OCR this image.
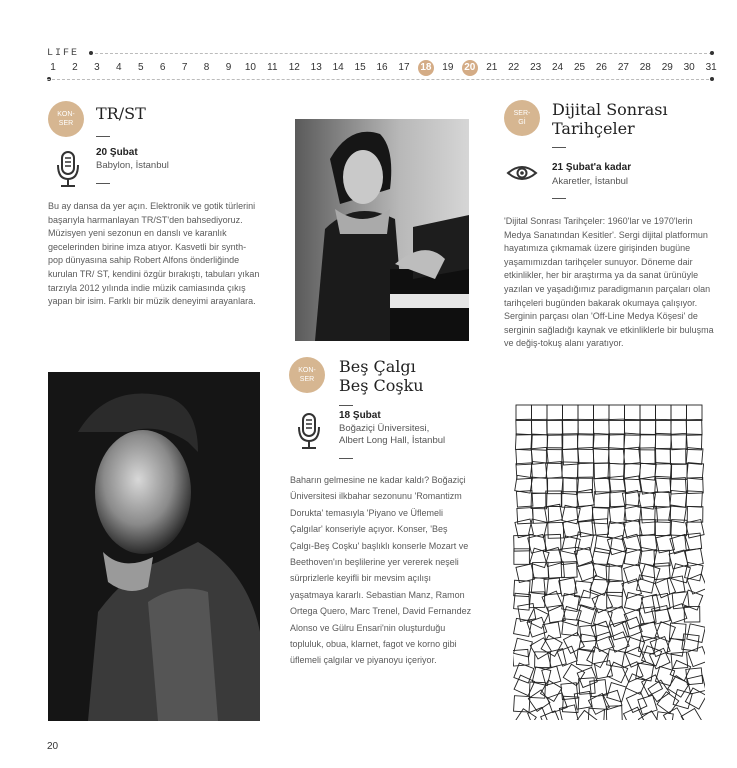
LIFE
1	2	3	4	5	6	7	8	9	10	11	12	13	14	15	16	17	18	19	20	21	22	23	24	25	26	27	28	29	30	31
KON-
SER
TR/ST
20 Şubat
Babylon, İstanbul
Bu ay dansa da yer açın. Elektronik ve gotik türlerini başarıyla harmanlayan TR/ST'den bahsediyoruz. Müzisyen yeni sezonun en danslı ve karanlık gecelerinden birine imza atıyor. Kasvetli bir synth-pop dünyasına sahip Robert Alfons önderliğinde kurulan TR/ ST, kendini özgür bırakıştı, tabuları yıkan tarzıyla 2012 yılında indie müzik camiasında çıkış yapan bir isim. Farklı bir müzik deneyimi arayanlara.
KON-
SER
Beş Çalgı
Beş Coşku
18 Şubat
Boğaziçi Üniversitesi,
Albert Long Hall, İstanbul
Baharın gelmesine ne kadar kaldı? Boğaziçi Üniversitesi ilkbahar sezonunu 'Romantizm Dorukta' temasıyla 'Piyano ve Üflemeli Çalgılar' konseriyle açıyor. Konser, 'Beş Çalgı-Beş Coşku' başlıklı konserle Mozart ve Beethoven'ın beşlilerine yer vererek neşeli sürprizlerle keyifli bir mevsim açılışı yaşatmaya kararlı. Sebastian Manz, Ramon Ortega Quero, Marc Trenel, David Fernandez Alonso ve Gülru Ensari'nin oluşturduğu topluluk, obua, klarnet, fagot ve korno gibi üflemeli çalgılar ve piyanoyu içeriyor.
SER-
Gİ
Dijital Sonrası
Tarihçeler
21 Şubat'a kadar
Akaretler, İstanbul
'Dijital Sonrası Tarihçeler: 1960'lar ve 1970'lerin Medya Sanatından Kesitler'. Sergi dijital platformun hayatımıza çıkmamak üzere girişinden bugüne yaşamımızdan tarihçeler sunuyor. Döneme dair etkinlikler, her bir araştırma ya da sanat ürünüyle yazılan ve yaşadığımız paradigmanın parçaları olan tarihçeleri bugünden bakarak okumaya çalışıyor. Serginin parçası olan 'Off-Line Medya Köşesi' de serginin sağladığı kaynak ve etkinliklerle bir buluşma ve değiş-tokuş alanı yaratıyor.
20
